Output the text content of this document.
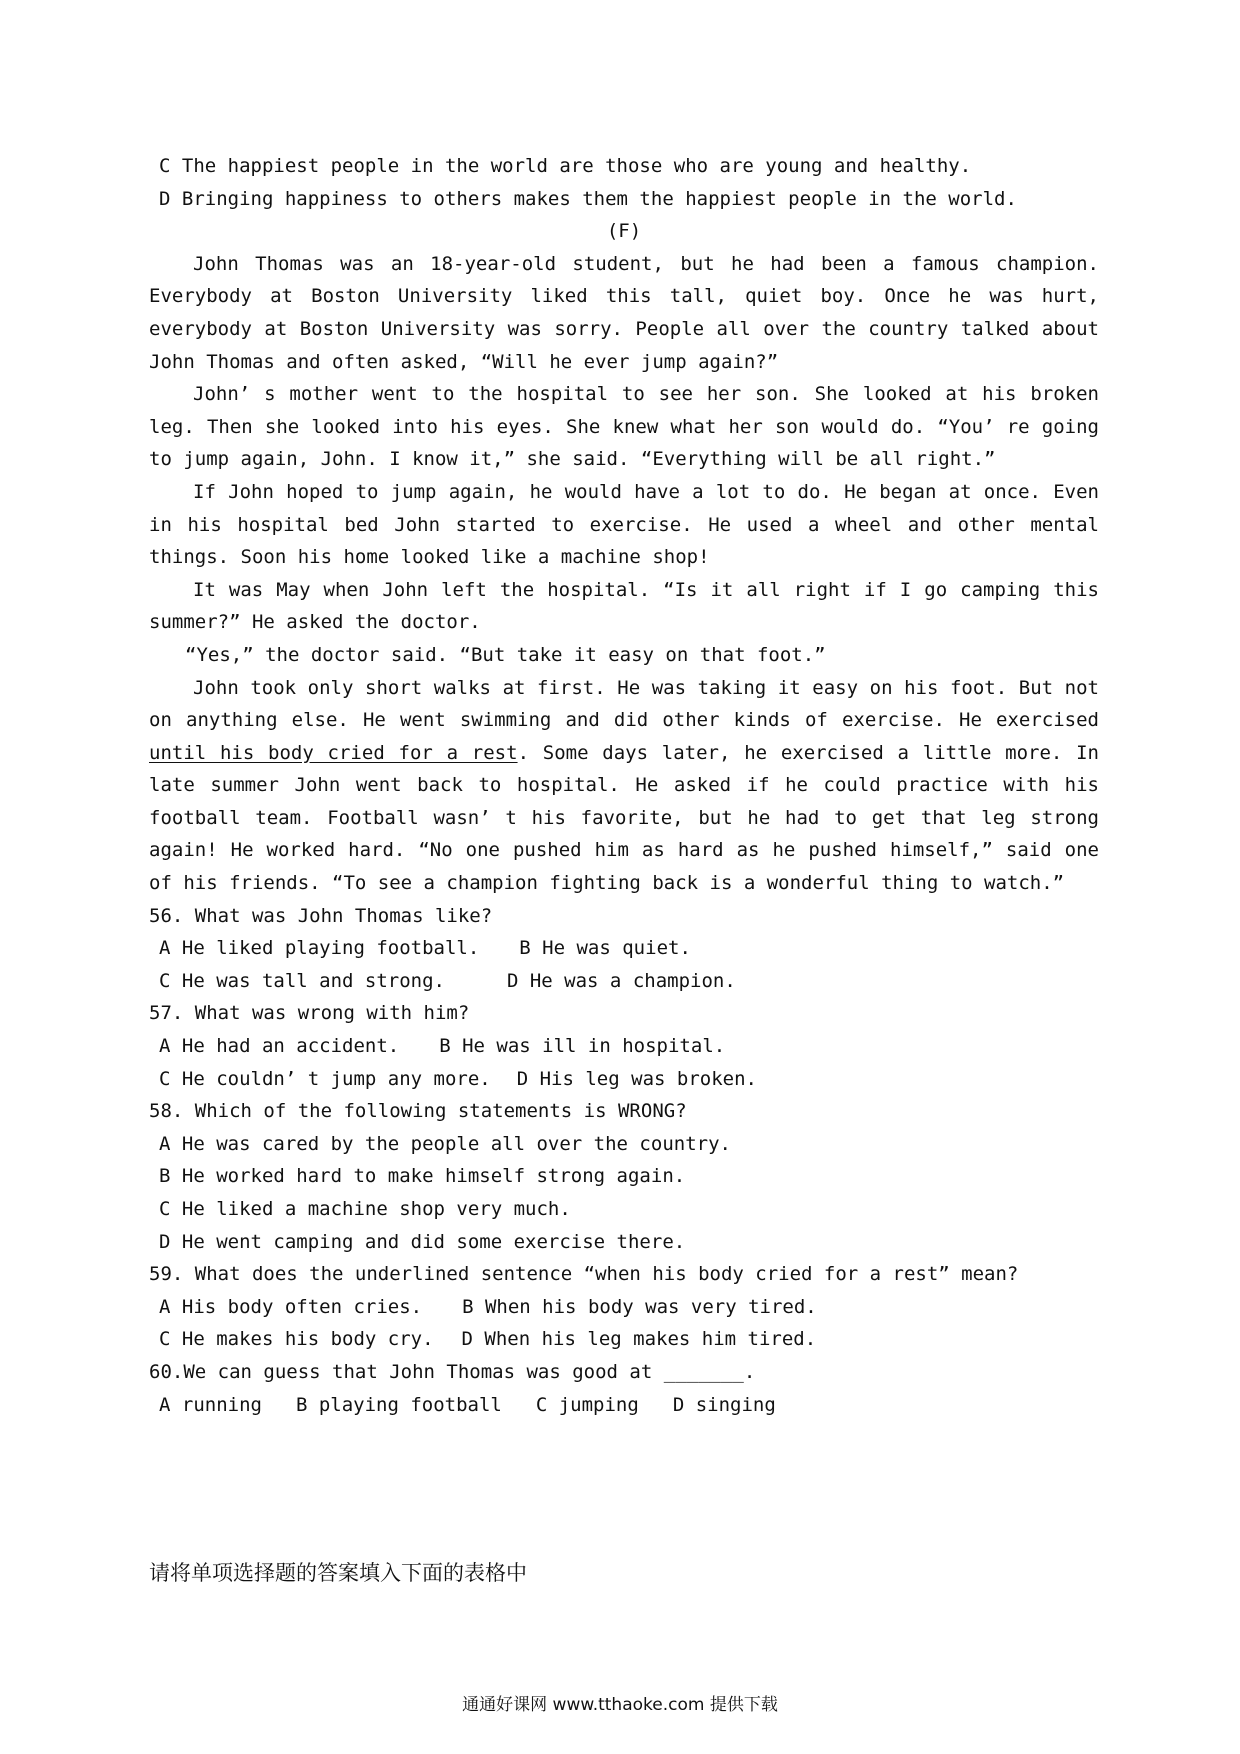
C The happiest people in the world are those who are young and healthy.
D Bringing happiness to others makes them the happiest people in the world.
(F)

John Thomas was an 18-year-old student, but he had been a famous champion. Everybody at Boston University liked this tall, quiet boy. Once he was hurt, everybody at Boston University was sorry. People all over the country talked about John Thomas and often asked, “Will he ever jump again?”

John’ s mother went to the hospital to see her son. She looked at his broken leg. Then she looked into his eyes. She knew what her son would do. “You’ re going to jump again, John. I know it,” she said. “Everything will be all right.”

If John hoped to jump again, he would have a lot to do. He began at once. Even in his hospital bed John started to exercise. He used a wheel and other mental things. Soon his home looked like a machine shop!

It was May when John left the hospital. “Is it all right if I go camping this summer?” He asked the doctor.

“Yes,” the doctor said. “But take it easy on that foot.”

John took only short walks at first. He was taking it easy on his foot. But not on anything else. He went swimming and did other kinds of exercise. He exercised until his body cried for a rest. Some days later, he exercised a little more. In late summer John went back to hospital. He asked if he could practice with his football team. Football wasn’ t his favorite, but he had to get that leg strong again! He worked hard. “No one pushed him as hard as he pushed himself,” said one of his friends. “To see a champion fighting back is a wonderful thing to watch.”

56. What was John Thomas like?
A He liked playing football. B He was quiet.
C He was tall and strong.	D He was a champion.
57. What was wrong with him?
A He had an accident. B He was ill in hospital.
C He couldn’ t jump any more. D His leg was broken.
58. Which of the following statements is WRONG?
A He was cared by the people all over the country.
B He worked hard to make himself strong again.
C He liked a machine shop very much.
D He went camping and did some exercise there.
59. What does the underlined sentence “when his body cried for a rest” mean?
A His body often cries. B When his body was very tired.
C He makes his body cry. D When his leg makes him tired.
60.We can guess that John Thomas was good at _______.
A running B playing football C jumping D singing
请将单项选择题的答案填入下面的表格中
通通好课网 www.tthaoke.com 提供下载
